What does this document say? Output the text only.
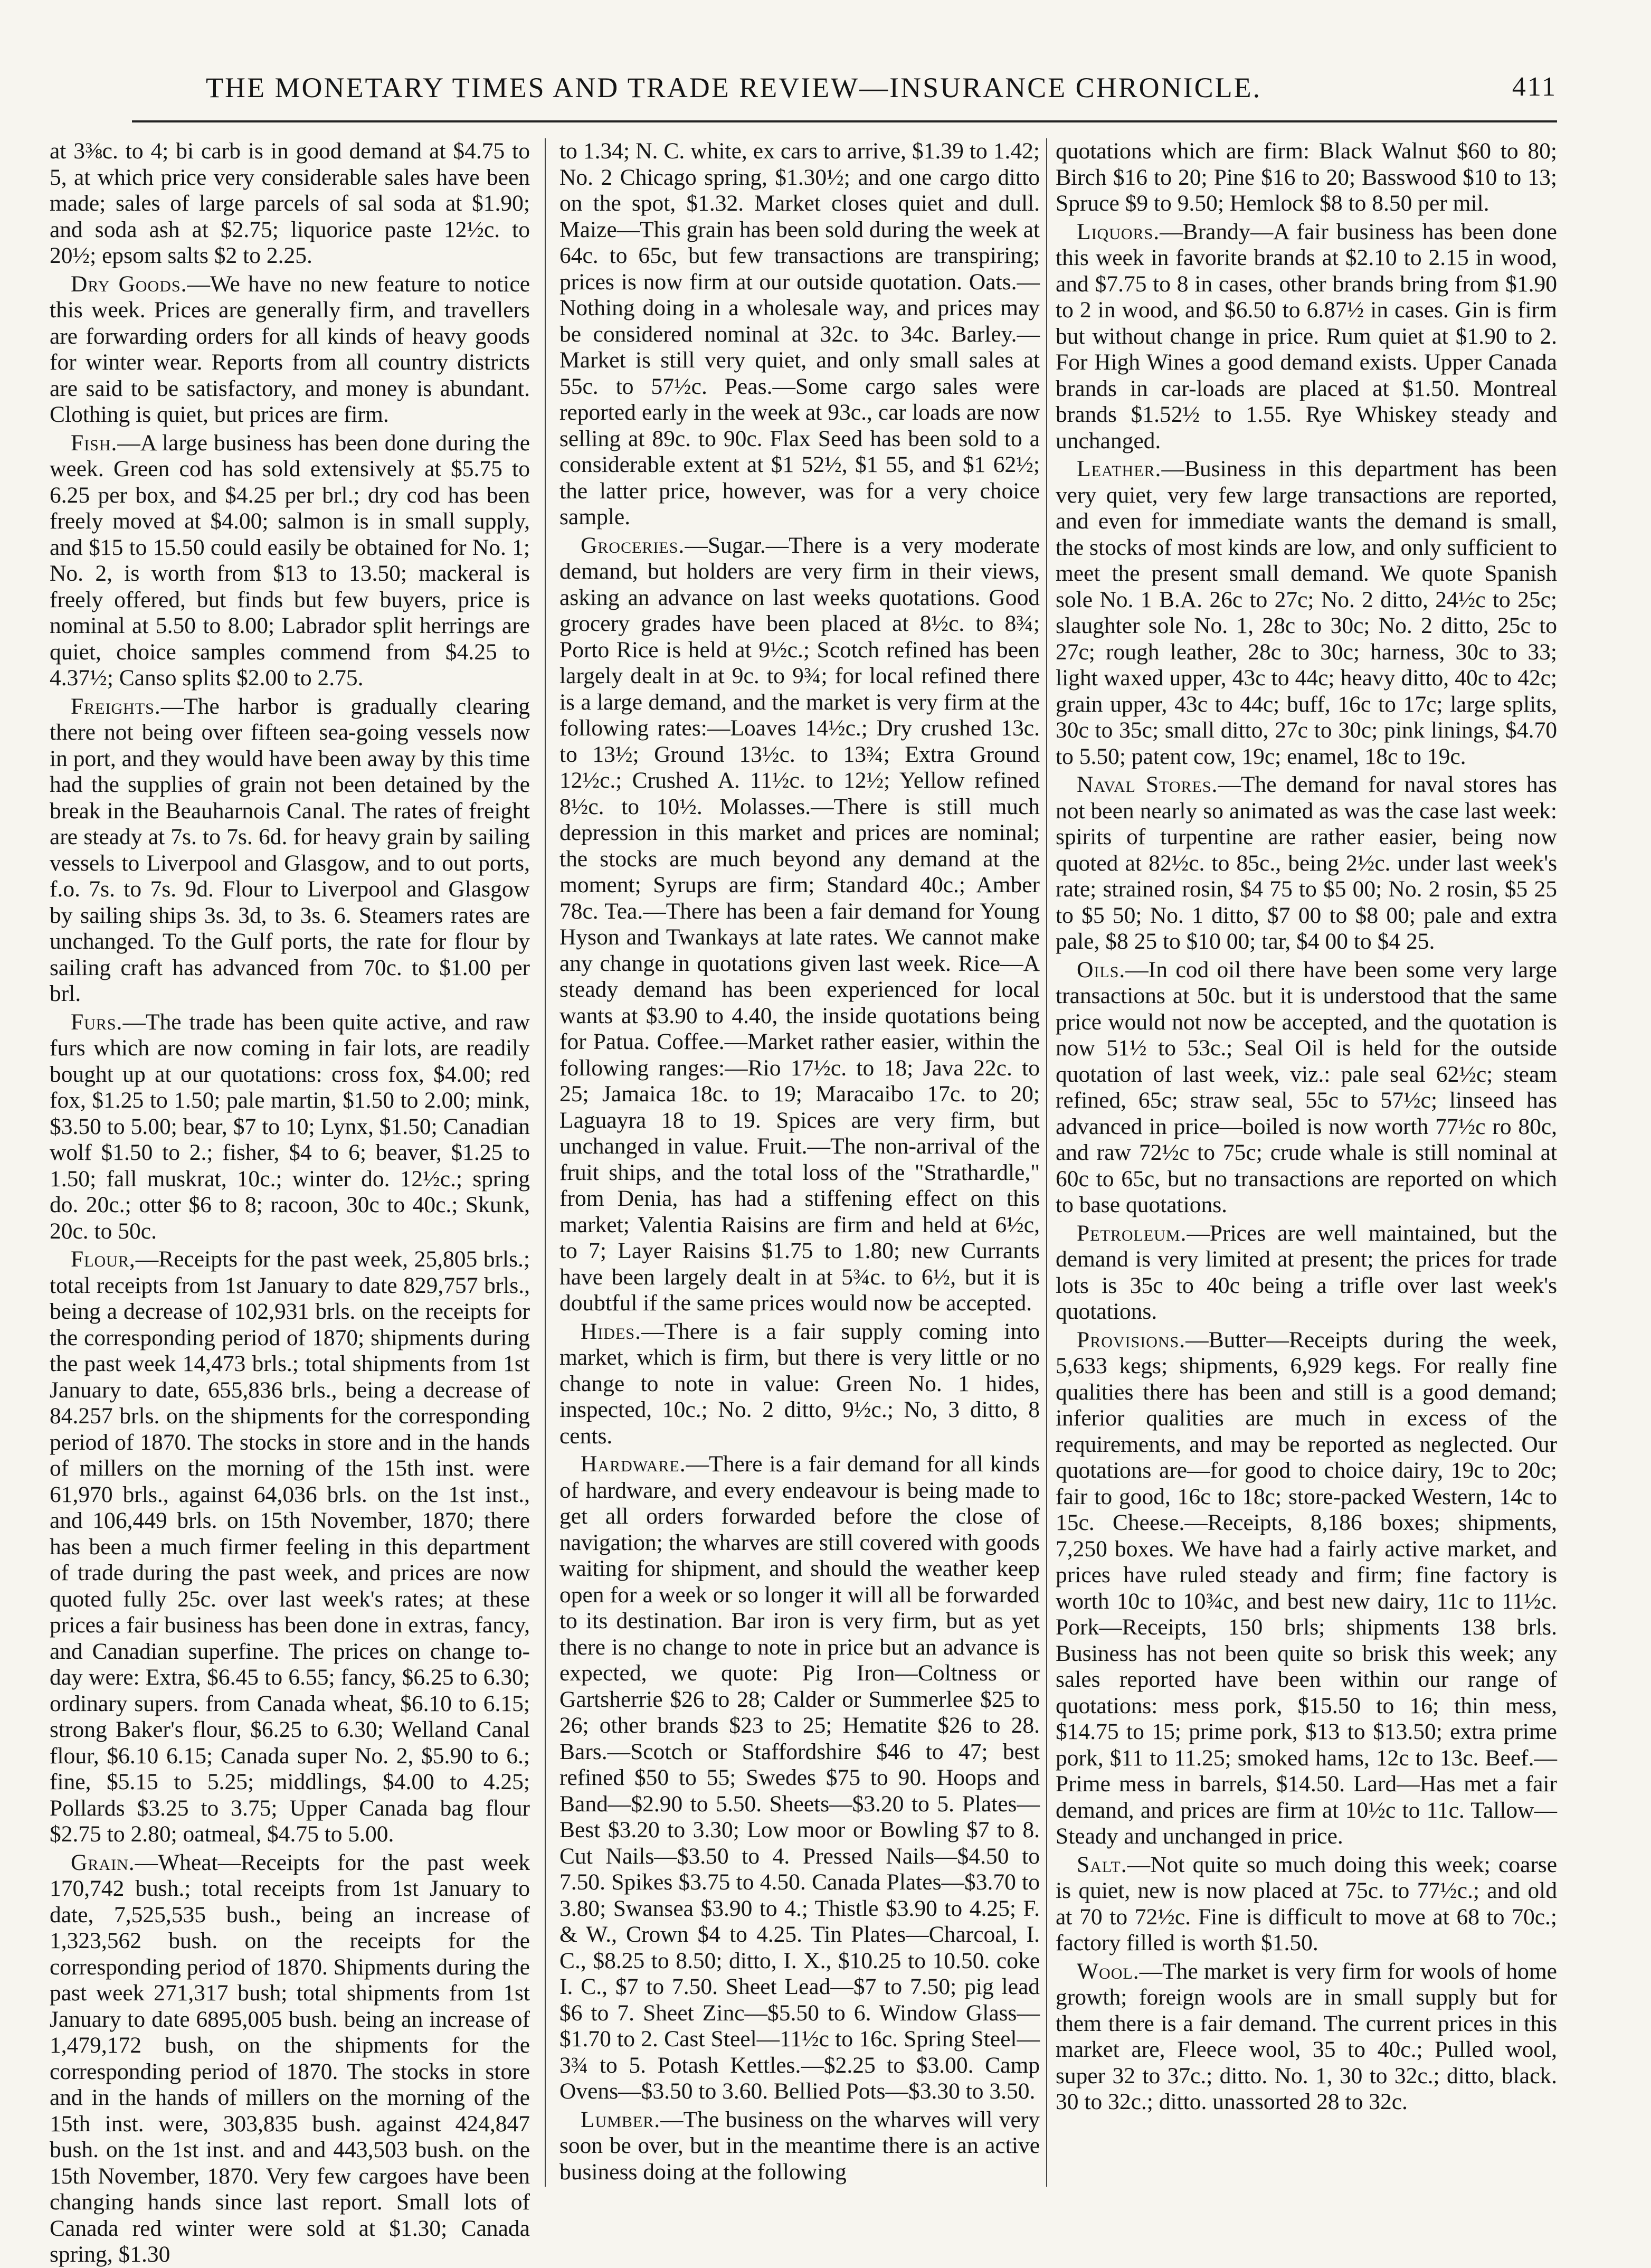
THE MONETARY TIMES AND TRADE REVIEW—INSURANCE CHRONICLE.	411

at 3⅜c. to 4; bi carb is in good demand at $4.75 to 5, at which price very considerable sales have been made; sales of large parcels of sal soda at $1.90; and soda ash at $2.75; liquorice paste 12½c. to 20½; epsom salts $2 to 2.25.

Dry Goods.—We have no new feature to notice this week. Prices are generally firm, and travellers are forwarding orders for all kinds of heavy goods for winter wear. Reports from all country districts are said to be satisfactory, and money is abundant. Clothing is quiet, but prices are firm.

Fish.—A large business has been done during the week. Green cod has sold extensively at $5.75 to 6.25 per box, and $4.25 per brl.; dry cod has been freely moved at $4.00; salmon is in small supply, and $15 to 15.50 could easily be obtained for No. 1; No. 2, is worth from $13 to 13.50; mackeral is freely offered, but finds but few buyers, price is nominal at 5.50 to 8.00; Labrador split herrings are quiet, choice samples commend from $4.25 to 4.37½; Canso splits $2.00 to 2.75.

Freights.—The harbor is gradually clearing there not being over fifteen sea-going vessels now in port, and they would have been away by this time had the supplies of grain not been detained by the break in the Beauharnois Canal. The rates of freight are steady at 7s. to 7s. 6d. for heavy grain by sailing vessels to Liverpool and Glasgow, and to out ports, f.o. 7s. to 7s. 9d. Flour to Liverpool and Glasgow by sailing ships 3s. 3d, to 3s. 6. Steamers rates are unchanged. To the Gulf ports, the rate for flour by sailing craft has advanced from 70c. to $1.00 per brl.

Furs.—The trade has been quite active, and raw furs which are now coming in fair lots, are readily bought up at our quotations: cross fox, $4.00; red fox, $1.25 to 1.50; pale martin, $1.50 to 2.00; mink, $3.50 to 5.00; bear, $7 to 10; Lynx, $1.50; Canadian wolf $1.50 to 2.; fisher, $4 to 6; beaver, $1.25 to 1.50; fall muskrat, 10c.; winter do. 12½c.; spring do. 20c.; otter $6 to 8; racoon, 30c to 40c.; Skunk, 20c. to 50c.

Flour,—Receipts for the past week, 25,805 brls.; total receipts from 1st January to date 829,757 brls., being a decrease of 102,931 brls. on the receipts for the corresponding period of 1870; shipments during the past week 14,473 brls.; total shipments from 1st January to date, 655,836 brls., being a decrease of 84.257 brls. on the shipments for the corresponding period of 1870. The stocks in store and in the hands of millers on the morning of the 15th inst. were 61,970 brls., against 64,036 brls. on the 1st inst., and 106,449 brls. on 15th November, 1870; there has been a much firmer feeling in this department of trade during the past week, and prices are now quoted fully 25c. over last week's rates; at these prices a fair business has been done in extras, fancy, and Canadian superfine. The prices on change to-day were: Extra, $6.45 to 6.55; fancy, $6.25 to 6.30; ordinary supers. from Canada wheat, $6.10 to 6.15; strong Baker's flour, $6.25 to 6.30; Welland Canal flour, $6.10 6.15; Canada super No. 2, $5.90 to 6.; fine, $5.15 to 5.25; middlings, $4.00 to 4.25; Pollards $3.25 to 3.75; Upper Canada bag flour $2.75 to 2.80; oatmeal, $4.75 to 5.00.

Grain.—Wheat—Receipts for the past week 170,742 bush.; total receipts from 1st January to date, 7,525,535 bush., being an increase of 1,323,562 bush. on the receipts for the corresponding period of 1870. Shipments during the past week 271,317 bush; total shipments from 1st January to date 6895,005 bush. being an increase of 1,479,172 bush, on the shipments for the corresponding period of 1870. The stocks in store and in the hands of millers on the morning of the 15th inst. were, 303,835 bush. against 424,847 bush. on the 1st inst. and and 443,503 bush. on the 15th November, 1870. Very few cargoes have been changing hands since last report. Small lots of Canada red winter were sold at $1.30; Canada spring, $1.30

to 1.34; N. C. white, ex cars to arrive, $1.39 to 1.42; No. 2 Chicago spring, $1.30½; and one cargo ditto on the spot, $1.32. Market closes quiet and dull. Maize—This grain has been sold during the week at 64c. to 65c, but few transactions are transpiring; prices is now firm at our outside quotation. Oats.—Nothing doing in a wholesale way, and prices may be considered nominal at 32c. to 34c. Barley.—Market is still very quiet, and only small sales at 55c. to 57½c. Peas.—Some cargo sales were reported early in the week at 93c., car loads are now selling at 89c. to 90c. Flax Seed has been sold to a considerable extent at $1 52½, $1 55, and $1 62½; the latter price, however, was for a very choice sample.

Groceries.—Sugar.—There is a very moderate demand, but holders are very firm in their views, asking an advance on last weeks quotations. Good grocery grades have been placed at 8½c. to 8¾; Porto Rice is held at 9½c.; Scotch refined has been largely dealt in at 9c. to 9¾; for local refined there is a large demand, and the market is very firm at the following rates:—Loaves 14½c.; Dry crushed 13c. to 13½; Ground 13½c. to 13¾; Extra Ground 12½c.; Crushed A. 11½c. to 12½; Yellow refined 8½c. to 10½. Molasses.—There is still much depression in this market and prices are nominal; the stocks are much beyond any demand at the moment; Syrups are firm; Standard 40c.; Amber 78c. Tea.—There has been a fair demand for Young Hyson and Twankays at late rates. We cannot make any change in quotations given last week. Rice—A steady demand has been experienced for local wants at $3.90 to 4.40, the inside quotations being for Patua. Coffee.—Market rather easier, within the following ranges:—Rio 17½c. to 18; Java 22c. to 25; Jamaica 18c. to 19; Maracaibo 17c. to 20; Laguayra 18 to 19. Spices are very firm, but unchanged in value. Fruit.—The non-arrival of the fruit ships, and the total loss of the "Strathardle," from Denia, has had a stiffening effect on this market; Valentia Raisins are firm and held at 6½c, to 7; Layer Raisins $1.75 to 1.80; new Currants have been largely dealt in at 5¾c. to 6½, but it is doubtful if the same prices would now be accepted.

Hides.—There is a fair supply coming into market, which is firm, but there is very little or no change to note in value: Green No. 1 hides, inspected, 10c.; No. 2 ditto, 9½c.; No, 3 ditto, 8 cents.

Hardware.—There is a fair demand for all kinds of hardware, and every endeavour is being made to get all orders forwarded before the close of navigation; the wharves are still covered with goods waiting for shipment, and should the weather keep open for a week or so longer it will all be forwarded to its destination. Bar iron is very firm, but as yet there is no change to note in price but an advance is expected, we quote: Pig Iron—Coltness or Gartsherrie $26 to 28; Calder or Summerlee $25 to 26; other brands $23 to 25; Hematite $26 to 28. Bars.—Scotch or Staffordshire $46 to 47; best refined $50 to 55; Swedes $75 to 90. Hoops and Band—$2.90 to 5.50. Sheets—$3.20 to 5. Plates—Best $3.20 to 3.30; Low moor or Bowling $7 to 8. Cut Nails—$3.50 to 4. Pressed Nails—$4.50 to 7.50. Spikes $3.75 to 4.50. Canada Plates—$3.70 to 3.80; Swansea $3.90 to 4.; Thistle $3.90 to 4.25; F. & W., Crown $4 to 4.25. Tin Plates—Charcoal, I. C., $8.25 to 8.50; ditto, I. X., $10.25 to 10.50. coke I. C., $7 to 7.50. Sheet Lead—$7 to 7.50; pig lead $6 to 7. Sheet Zinc—$5.50 to 6. Window Glass—$1.70 to 2. Cast Steel—11½c to 16c. Spring Steel—3¾ to 5. Potash Kettles.—$2.25 to $3.00. Camp Ovens—$3.50 to 3.60. Bellied Pots—$3.30 to 3.50.

Lumber.—The business on the wharves will very soon be over, but in the meantime there is an active business doing at the following

quotations which are firm: Black Walnut $60 to 80; Birch $16 to 20; Pine $16 to 20; Basswood $10 to 13; Spruce $9 to 9.50; Hemlock $8 to 8.50 per mil.

Liquors.—Brandy—A fair business has been done this week in favorite brands at $2.10 to 2.15 in wood, and $7.75 to 8 in cases, other brands bring from $1.90 to 2 in wood, and $6.50 to 6.87½ in cases. Gin is firm but without change in price. Rum quiet at $1.90 to 2. For High Wines a good demand exists. Upper Canada brands in car-loads are placed at $1.50. Montreal brands $1.52½ to 1.55. Rye Whiskey steady and unchanged.

Leather.—Business in this department has been very quiet, very few large transactions are reported, and even for immediate wants the demand is small, the stocks of most kinds are low, and only sufficient to meet the present small demand. We quote Spanish sole No. 1 B.A. 26c to 27c; No. 2 ditto, 24½c to 25c; slaughter sole No. 1, 28c to 30c; No. 2 ditto, 25c to 27c; rough leather, 28c to 30c; harness, 30c to 33; light waxed upper, 43c to 44c; heavy ditto, 40c to 42c; grain upper, 43c to 44c; buff, 16c to 17c; large splits, 30c to 35c; small ditto, 27c to 30c; pink linings, $4.70 to 5.50; patent cow, 19c; enamel, 18c to 19c.

Naval Stores.—The demand for naval stores has not been nearly so animated as was the case last week: spirits of turpentine are rather easier, being now quoted at 82½c. to 85c., being 2½c. under last week's rate; strained rosin, $4 75 to $5 00; No. 2 rosin, $5 25 to $5 50; No. 1 ditto, $7 00 to $8 00; pale and extra pale, $8 25 to $10 00; tar, $4 00 to $4 25.

Oils.—In cod oil there have been some very large transactions at 50c. but it is understood that the same price would not now be accepted, and the quotation is now 51½ to 53c.; Seal Oil is held for the outside quotation of last week, viz.: pale seal 62½c; steam refined, 65c; straw seal, 55c to 57½c; linseed has advanced in price—boiled is now worth 77½c ro 80c, and raw 72½c to 75c; crude whale is still nominal at 60c to 65c, but no transactions are reported on which to base quotations.

Petroleum.—Prices are well maintained, but the demand is very limited at present; the prices for trade lots is 35c to 40c being a trifle over last week's quotations.

Provisions.—Butter—Receipts during the week, 5,633 kegs; shipments, 6,929 kegs. For really fine qualities there has been and still is a good demand; inferior qualities are much in excess of the requirements, and may be reported as neglected. Our quotations are—for good to choice dairy, 19c to 20c; fair to good, 16c to 18c; store-packed Western, 14c to 15c. Cheese.—Receipts, 8,186 boxes; shipments, 7,250 boxes. We have had a fairly active market, and prices have ruled steady and firm; fine factory is worth 10c to 10¾c, and best new dairy, 11c to 11½c. Pork—Receipts, 150 brls; shipments 138 brls. Business has not been quite so brisk this week; any sales reported have been within our range of quotations: mess pork, $15.50 to 16; thin mess, $14.75 to 15; prime pork, $13 to $13.50; extra prime pork, $11 to 11.25; smoked hams, 12c to 13c. Beef.—Prime mess in barrels, $14.50. Lard—Has met a fair demand, and prices are firm at 10½c to 11c. Tallow—Steady and unchanged in price.

Salt.—Not quite so much doing this week; coarse is quiet, new is now placed at 75c. to 77½c.; and old at 70 to 72½c. Fine is difficult to move at 68 to 70c.; factory filled is worth $1.50.

Wool.—The market is very firm for wools of home growth; foreign wools are in small supply but for them there is a fair demand. The current prices in this market are, Fleece wool, 35 to 40c.; Pulled wool, super 32 to 37c.; ditto. No. 1, 30 to 32c.; ditto, black. 30 to 32c.; ditto. unassorted 28 to 32c.
